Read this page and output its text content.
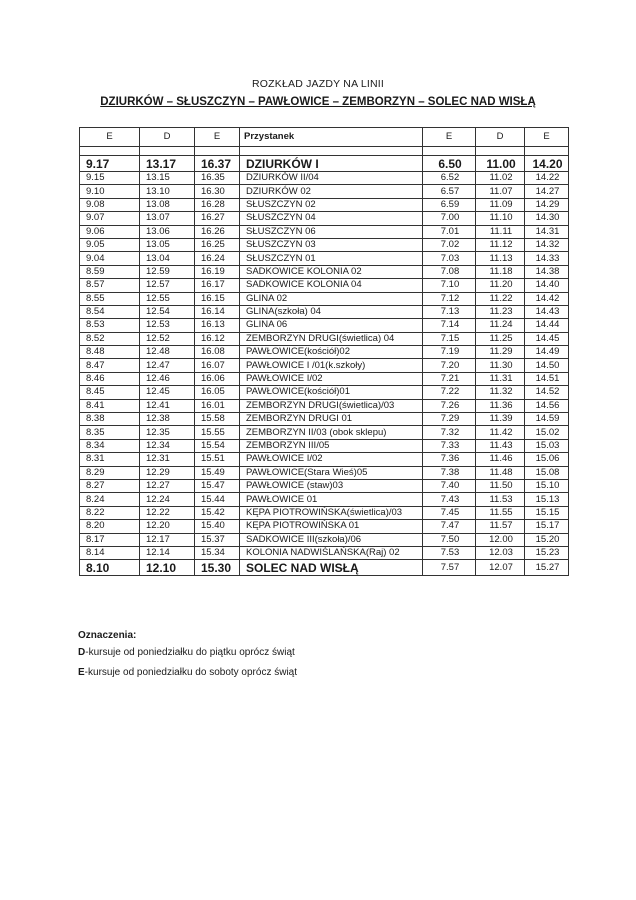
ROZKŁAD JAZDY NA LINII
DZIURKÓW – SŁUSZCZYN – PAWŁOWICE – ZEMBORZYN – SOLEC NAD WISŁĄ
E	D	E	Przystanek	E	D	E

9.17	13.17	16.37	DZIURKÓW I	6.50	11.00	14.20
9.15	13.15	16.35	DZIURKÓW II/04	6.52	11.02	14.22
9.10	13.10	16.30	DZIURKÓW 02	6.57	11.07	14.27
9.08	13.08	16.28	SŁUSZCZYN 02	6.59	11.09	14.29
9.07	13.07	16.27	SŁUSZCZYN 04	7.00	11.10	14.30
9.06	13.06	16.26	SŁUSZCZYN 06	7.01	11.11	14.31
9.05	13.05	16.25	SŁUSZCZYN 03	7.02	11.12	14.32
9.04	13.04	16.24	SŁUSZCZYN 01	7.03	11.13	14.33
8.59	12.59	16.19	SADKOWICE KOLONIA 02	7.08	11.18	14.38
8.57	12.57	16.17	SADKOWICE KOLONIA 04	7.10	11.20	14.40
8.55	12.55	16.15	GLINA 02	7.12	11.22	14.42
8.54	12.54	16.14	GLINA(szkoła) 04	7.13	11.23	14.43
8.53	12.53	16.13	GLINA 06	7.14	11.24	14.44
8.52	12.52	16.12	ZEMBORZYN DRUGI(świetlica) 04	7.15	11.25	14.45
8.48	12.48	16.08	PAWŁOWICE(kościół)02	7.19	11.29	14.49
8.47	12.47	16.07	PAWŁOWICE I /01(k.szkoły)	7.20	11.30	14.50
8.46	12.46	16.06	PAWŁOWICE I/02	7.21	11.31	14.51
8.45	12.45	16.05	PAWŁOWICE(kościół)01	7.22	11.32	14.52
8.41	12.41	16.01	ZEMBORZYN DRUGI(świetlica)/03	7.26	11.36	14.56
8.38	12.38	15.58	ZEMBORZYN DRUGI 01	7.29	11.39	14.59
8.35	12.35	15.55	ZEMBORZYN II/03 (obok sklepu)	7.32	11.42	15.02
8.34	12.34	15.54	ZEMBORZYN III/05	7.33	11.43	15.03
8.31	12.31	15.51	PAWŁOWICE I/02	7.36	11.46	15.06
8.29	12.29	15.49	PAWŁOWICE(Stara Wieś)05	7.38	11.48	15.08
8.27	12.27	15.47	PAWŁOWICE (staw)03	7.40	11.50	15.10
8.24	12.24	15.44	PAWŁOWICE 01	7.43	11.53	15.13
8.22	12.22	15.42	KĘPA PIOTROWIŃSKA(świetlica)/03	7.45	11.55	15.15
8.20	12.20	15.40	KĘPA PIOTROWIŃSKA 01	7.47	11.57	15.17
8.17	12.17	15.37	SADKOWICE III(szkoła)/06	7.50	12.00	15.20
8.14	12.14	15.34	KOLONIA NADWIŚLAŃSKA(Raj) 02	7.53	12.03	15.23
8.10	12.10	15.30	SOLEC NAD WISŁĄ	7.57	12.07	15.27
Oznaczenia:
D-kursuje od poniedziałku do piątku oprócz świąt
E-kursuje od poniedziałku do soboty oprócz świąt
